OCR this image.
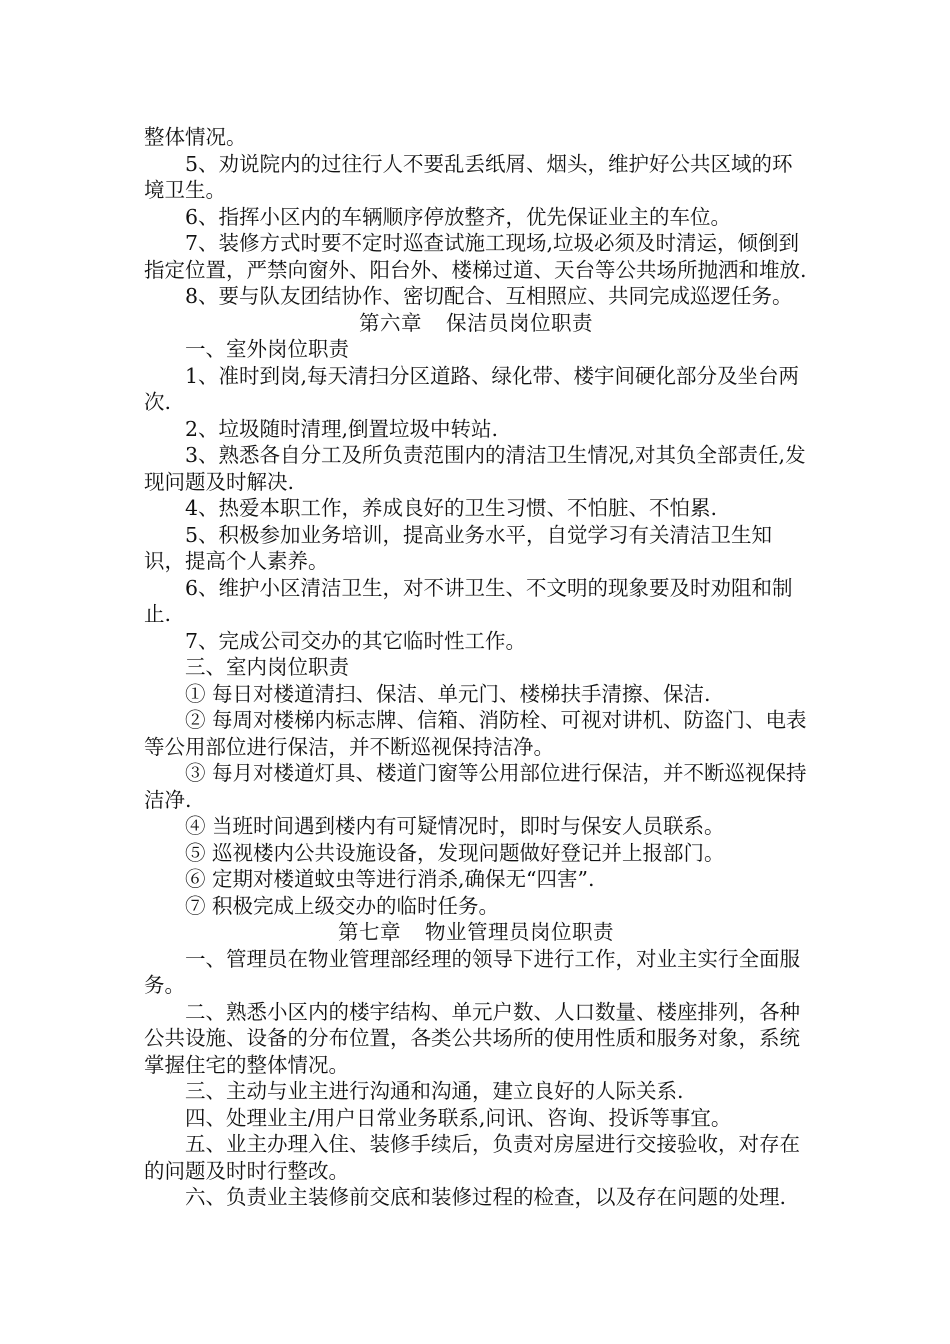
整体情况。

5、劝说院内的过往行人不要乱丢纸屑、烟头，维护好公共区域的环境卫生。

6、指挥小区内的车辆顺序停放整齐，优先保证业主的车位。

7、装修方式时要不定时巡查试施工现场,垃圾必须及时清运，倾倒到指定位置，严禁向窗外、阳台外、楼梯过道、天台等公共场所抛洒和堆放.

8、要与队友团结协作、密切配合、互相照应、共同完成巡逻任务。

第六章 保洁员岗位职责

一、室外岗位职责

1、准时到岗,每天清扫分区道路、绿化带、楼宇间硬化部分及坐台两次.

2、垃圾随时清理,倒置垃圾中转站.

3、熟悉各自分工及所负责范围内的清洁卫生情况,对其负全部责任,发现问题及时解决.

4、热爱本职工作，养成良好的卫生习惯、不怕脏、不怕累.

5、积极参加业务培训，提高业务水平，自觉学习有关清洁卫生知识，提高个人素养。

6、维护小区清洁卫生，对不讲卫生、不文明的现象要及时劝阻和制止.

7、完成公司交办的其它临时性工作。

三、室内岗位职责

① 每日对楼道清扫、保洁、单元门、楼梯扶手清擦、保洁.

② 每周对楼梯内标志牌、信箱、消防栓、可视对讲机、防盗门、电表等公用部位进行保洁，并不断巡视保持洁净。

③ 每月对楼道灯具、楼道门窗等公用部位进行保洁，并不断巡视保持洁净.

④ 当班时间遇到楼内有可疑情况时，即时与保安人员联系。

⑤ 巡视楼内公共设施设备，发现问题做好登记并上报部门。

⑥ 定期对楼道蚊虫等进行消杀,确保无“四害”.

⑦ 积极完成上级交办的临时任务。

第七章 物业管理员岗位职责

一、管理员在物业管理部经理的领导下进行工作，对业主实行全面服务。

二、熟悉小区内的楼宇结构、单元户数、人口数量、楼座排列，各种公共设施、设备的分布位置，各类公共场所的使用性质和服务对象，系统掌握住宅的整体情况。

三、主动与业主进行沟通和沟通，建立良好的人际关系.

四、处理业主/用户日常业务联系,问讯、咨询、投诉等事宜。

五、业主办理入住、装修手续后，负责对房屋进行交接验收，对存在的问题及时时行整改。

六、负责业主装修前交底和装修过程的检查，以及存在问题的处理.
